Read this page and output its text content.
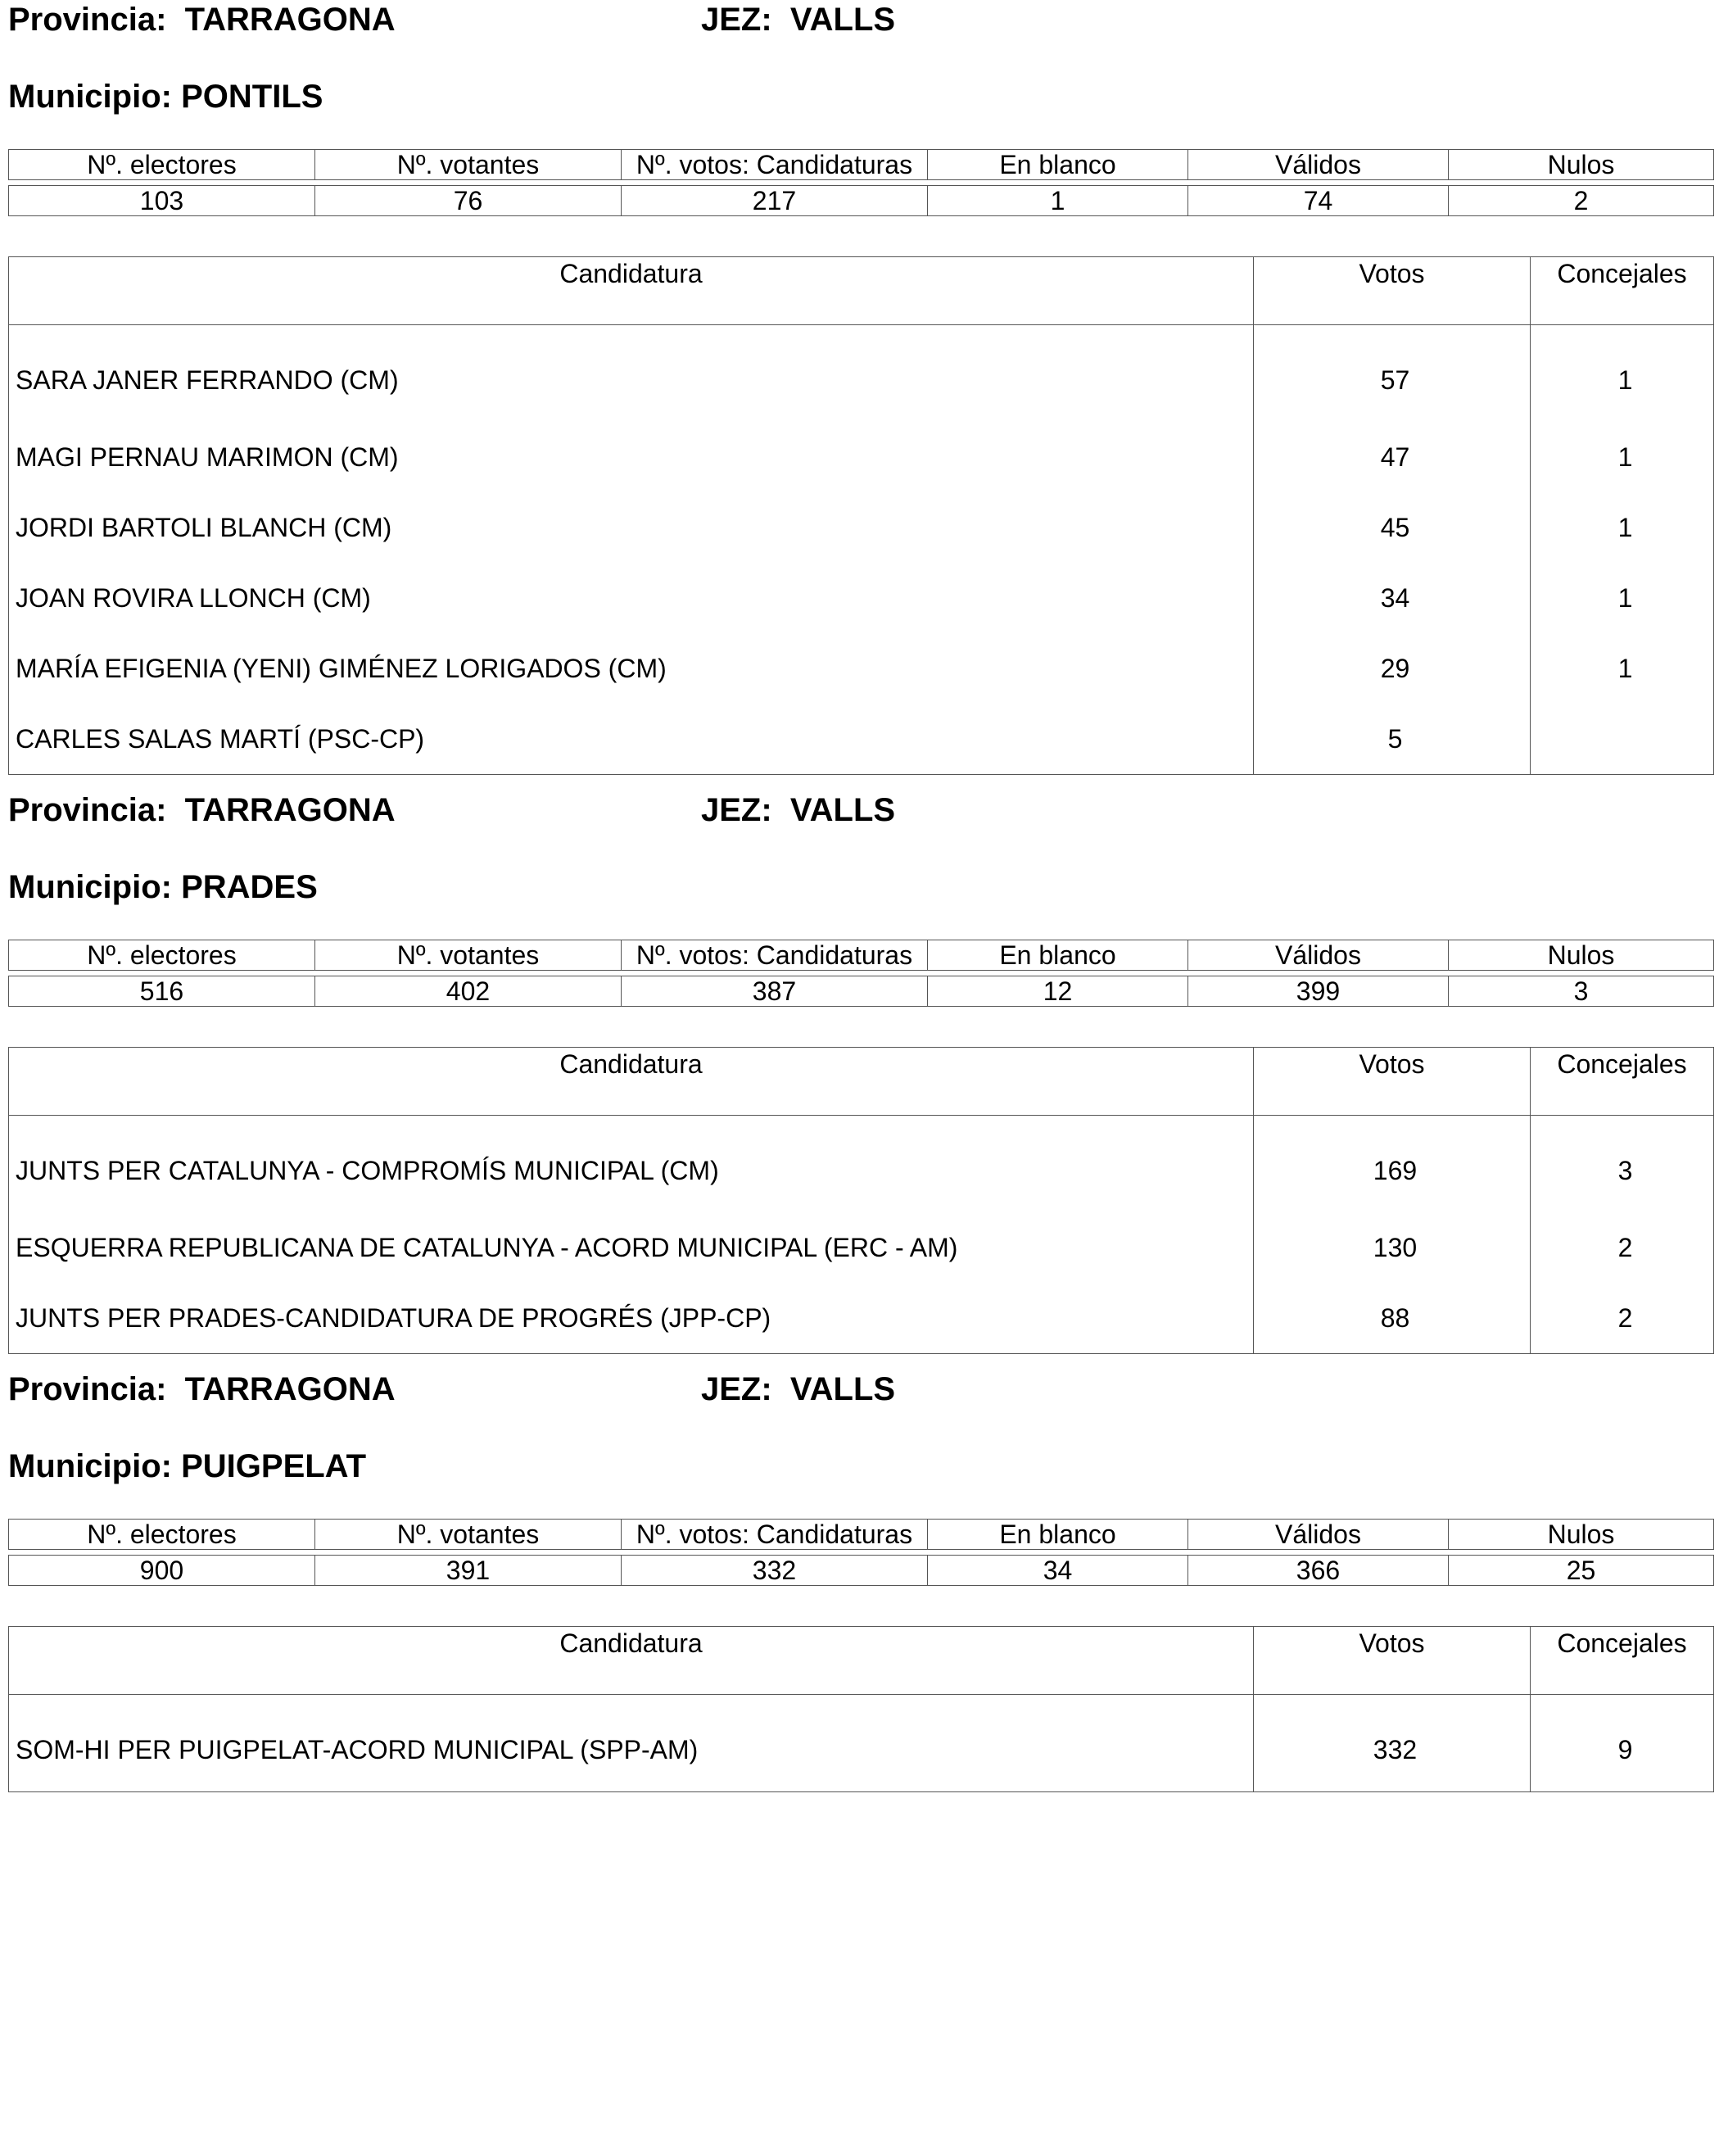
Provincia: TARRAGONA	JEZ: VALLS
Municipio: PONTILS
Nº. electores	Nº. votantes	Nº. votos: Candidaturas	En blanco	Válidos	Nulos

103	76	217	1	74	2
Candidatura	Votos	Concejales
SARA JANER FERRANDO (CM)	57	1
MAGI PERNAU MARIMON (CM)	47	1
JORDI BARTOLI BLANCH (CM)	45	1
JOAN ROVIRA LLONCH (CM)	34	1
MARÍA EFIGENIA (YENI) GIMÉNEZ LORIGADOS (CM)	29	1
CARLES SALAS MARTÍ (PSC-CP)	5	
Provincia: TARRAGONA	JEZ: VALLS
Municipio: PRADES
Nº. electores	Nº. votantes	Nº. votos: Candidaturas	En blanco	Válidos	Nulos

516	402	387	12	399	3
Candidatura	Votos	Concejales
JUNTS PER CATALUNYA - COMPROMÍS MUNICIPAL (CM)	169	3
ESQUERRA REPUBLICANA DE CATALUNYA - ACORD MUNICIPAL (ERC - AM)	130	2
JUNTS PER PRADES-CANDIDATURA DE PROGRÉS (JPP-CP)	88	2
Provincia: TARRAGONA	JEZ: VALLS
Municipio: PUIGPELAT
Nº. electores	Nº. votantes	Nº. votos: Candidaturas	En blanco	Válidos	Nulos

900	391	332	34	366	25
Candidatura	Votos	Concejales
SOM-HI PER PUIGPELAT-ACORD MUNICIPAL (SPP-AM)	332	9
